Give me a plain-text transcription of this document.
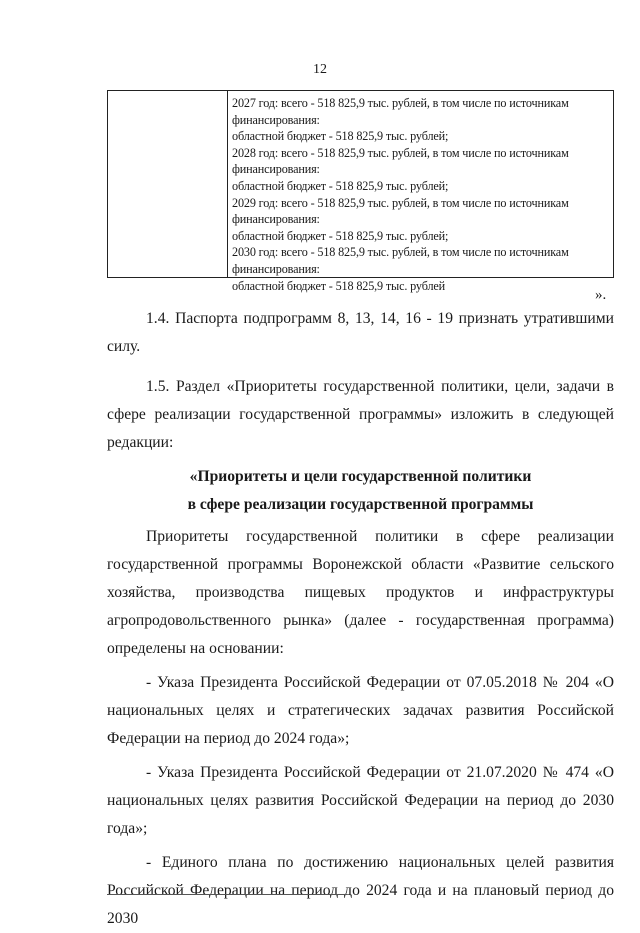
12
2027 год: всего - 518 825,9 тыс. рублей, в том числе по источникам
финансирования:
областной бюджет - 518 825,9 тыс. рублей;
2028 год: всего - 518 825,9 тыс. рублей, в том числе по источникам
финансирования:
областной бюджет - 518 825,9 тыс. рублей;
2029 год: всего - 518 825,9 тыс. рублей, в том числе по источникам
финансирования:
областной бюджет - 518 825,9 тыс. рублей;
2030 год: всего - 518 825,9 тыс. рублей, в том числе по источникам
финансирования:
областной бюджет - 518 825,9 тыс. рублей
».

1.4. Паспорта подпрограмм 8, 13, 14, 16 - 19 признать утратившими силу.

1.5. Раздел «Приоритеты государственной политики, цели, задачи в сфере реализации государственной программы» изложить в следующей редакции:

«Приоритеты и цели государственной политики

в сфере реализации государственной программы

Приоритеты государственной политики в сфере реализации государственной программы Воронежской области «Развитие сельского хозяйства, производства пищевых продуктов и инфраструктуры агропродовольственного рынка» (далее - государственная программа) определены на основании:

- Указа Президента Российской Федерации от 07.05.2018 № 204 «О национальных целях и стратегических задачах развития Российской Федерации на период до 2024 года»;

- Указа Президента Российской Федерации от 21.07.2020 № 474 «О национальных целях развития Российской Федерации на период до 2030 года»;

- Единого плана по достижению национальных целей развития Российской Федерации на период до 2024 года и на плановый период до 2030
